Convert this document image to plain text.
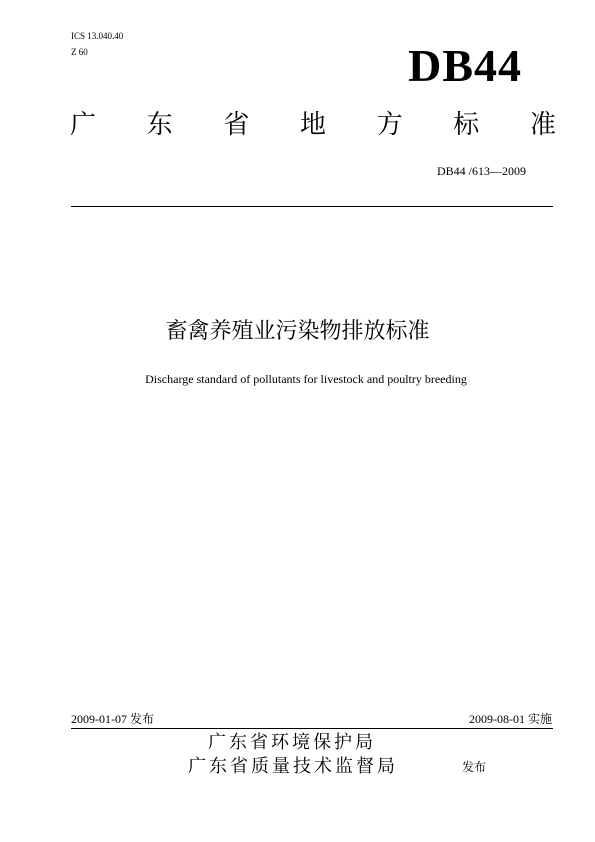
ICS 13.040.40
Z 60	DB44
广 东 省 地 方 标 准
DB44 /613—2009
畜禽养殖业污染物排放标准
Discharge standard of pollutants for livestock and poultry breeding
2009-01-07 发布	2009-08-01 实施
广东省环境保护局
广东省质量技术监督局	发布
